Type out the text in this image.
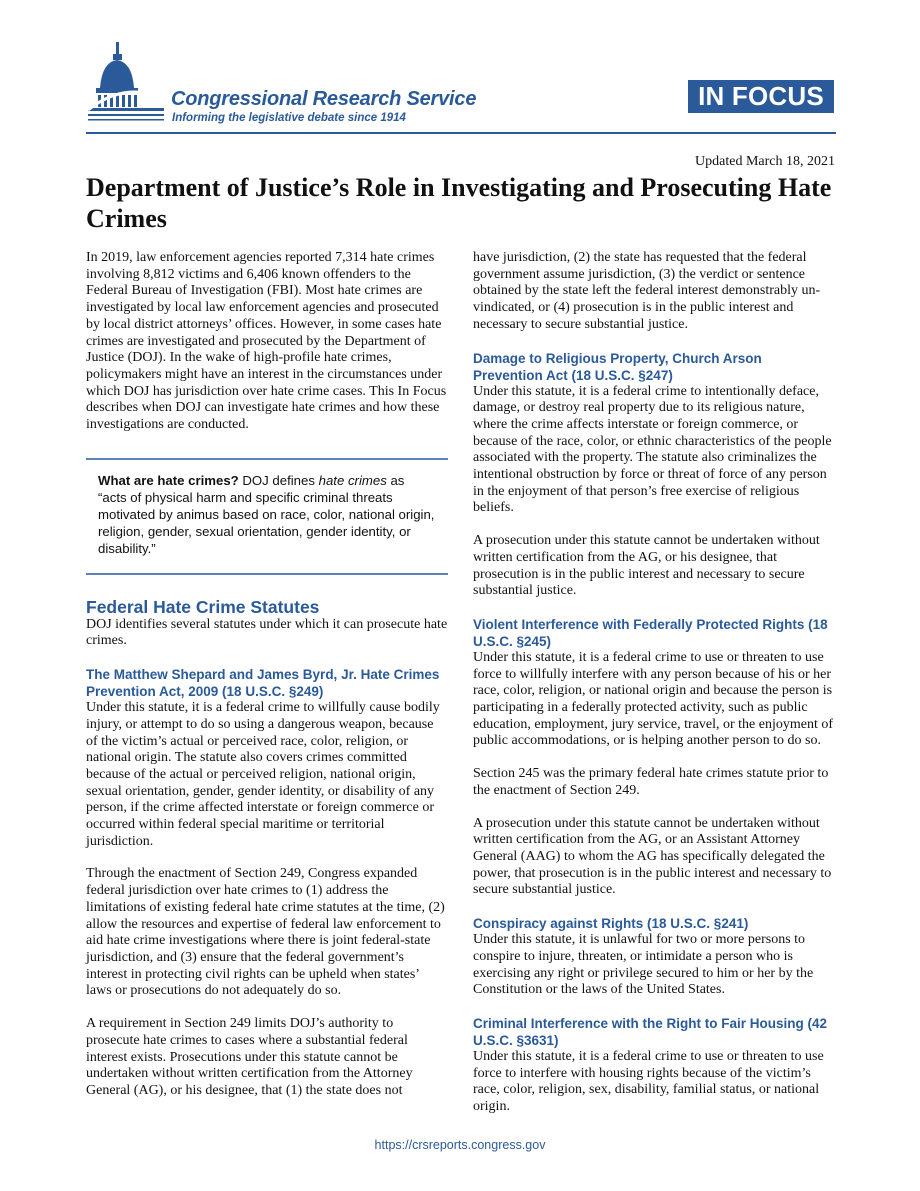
Congressional Research Service
Informing the legislative debate since 1914
IN FOCUS
Updated March 18, 2021
Department of Justice’s Role in Investigating and Prosecuting Hate Crimes

In 2019, law enforcement agencies reported 7,314 hate crimes involving 8,812 victims and 6,406 known offenders to the Federal Bureau of Investigation (FBI). Most hate crimes are investigated by local law enforcement agencies and prosecuted by local district attorneys’ offices. However, in some cases hate crimes are investigated and prosecuted by the Department of Justice (DOJ). In the wake of high-profile hate crimes, policymakers might have an interest in the circumstances under which DOJ has jurisdiction over hate crime cases. This In Focus describes when DOJ can investigate hate crimes and how these investigations are conducted.

What are hate crimes? DOJ defines hate crimes as “acts of physical harm and specific criminal threats motivated by animus based on race, color, national origin, religion, gender, sexual orientation, gender identity, or disability.”
Federal Hate Crime Statutes

DOJ identifies several statutes under which it can prosecute hate crimes.

The Matthew Shepard and James Byrd, Jr. Hate Crimes Prevention Act, 2009 (18 U.S.C. §249)

Under this statute, it is a federal crime to willfully cause bodily injury, or attempt to do so using a dangerous weapon, because of the victim’s actual or perceived race, color, religion, or national origin. The statute also covers crimes committed because of the actual or perceived religion, national origin, sexual orientation, gender, gender identity, or disability of any person, if the crime affected interstate or foreign commerce or occurred within federal special maritime or territorial jurisdiction.

Through the enactment of Section 249, Congress expanded federal jurisdiction over hate crimes to (1) address the limitations of existing federal hate crime statutes at the time, (2) allow the resources and expertise of federal law enforcement to aid hate crime investigations where there is joint federal-state jurisdiction, and (3) ensure that the federal government’s interest in protecting civil rights can be upheld when states’ laws or prosecutions do not adequately do so.

A requirement in Section 249 limits DOJ’s authority to prosecute hate crimes to cases where a substantial federal interest exists. Prosecutions under this statute cannot be undertaken without written certification from the Attorney General (AG), or his designee, that (1) the state does not

have jurisdiction, (2) the state has requested that the federal government assume jurisdiction, (3) the verdict or sentence obtained by the state left the federal interest demonstrably un-vindicated, or (4) prosecution is in the public interest and necessary to secure substantial justice.

Damage to Religious Property, Church Arson Prevention Act (18 U.S.C. §247)

Under this statute, it is a federal crime to intentionally deface, damage, or destroy real property due to its religious nature, where the crime affects interstate or foreign commerce, or because of the race, color, or ethnic characteristics of the people associated with the property. The statute also criminalizes the intentional obstruction by force or threat of force of any person in the enjoyment of that person’s free exercise of religious beliefs.

A prosecution under this statute cannot be undertaken without written certification from the AG, or his designee, that prosecution is in the public interest and necessary to secure substantial justice.

Violent Interference with Federally Protected Rights (18 U.S.C. §245)

Under this statute, it is a federal crime to use or threaten to use force to willfully interfere with any person because of his or her race, color, religion, or national origin and because the person is participating in a federally protected activity, such as public education, employment, jury service, travel, or the enjoyment of public accommodations, or is helping another person to do so.

Section 245 was the primary federal hate crimes statute prior to the enactment of Section 249.

A prosecution under this statute cannot be undertaken without written certification from the AG, or an Assistant Attorney General (AAG) to whom the AG has specifically delegated the power, that prosecution is in the public interest and necessary to secure substantial justice.

Conspiracy against Rights (18 U.S.C. §241)

Under this statute, it is unlawful for two or more persons to conspire to injure, threaten, or intimidate a person who is exercising any right or privilege secured to him or her by the Constitution or the laws of the United States.

Criminal Interference with the Right to Fair Housing (42 U.S.C. §3631)

Under this statute, it is a federal crime to use or threaten to use force to interfere with housing rights because of the victim’s race, color, religion, sex, disability, familial status, or national origin.

https://crsreports.congress.gov
